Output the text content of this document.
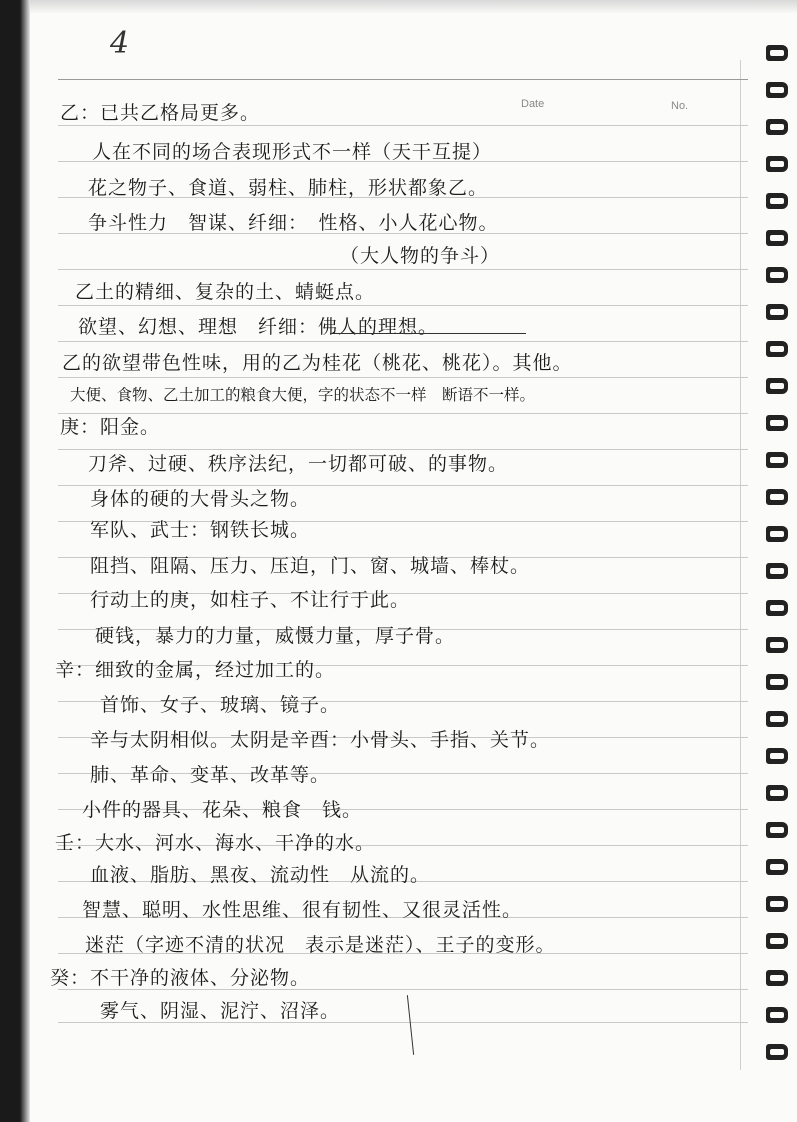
4
Date	No.
乙：已共乙格局更多。
人在不同的场合表现形式不一样（天干互提）
花之物子、食道、弱柱、肺柱，形状都象乙。
争斗性力　智谋、纤细：　性格、小人花心物。
（大人物的争斗）
乙土的精细、复杂的土、蜻蜓点。
欲望、幻想、理想　纤细：佛人的理想。
乙的欲望带色性味，用的乙为桂花（桃花、桃花）。其他。
大便、食物、乙土加工的粮食大便，字的状态不一样　断语不一样。
庚：阳金。
刀斧、过硬、秩序法纪，一切都可破、的事物。
身体的硬的大骨头之物。
军队、武士：钢铁长城。
阻挡、阻隔、压力、压迫，门、窗、城墙、棒杖。
行动上的庚，如柱子、不让行于此。
硬钱，暴力的力量，威慑力量，厚子骨。
辛：细致的金属，经过加工的。
首饰、女子、玻璃、镜子。
辛与太阴相似。太阴是辛酉：小骨头、手指、关节。
肺、革命、变革、改革等。
小件的器具、花朵、粮食　钱。
壬：大水、河水、海水、干净的水。
血液、脂肪、黑夜、流动性　从流的。
智慧、聪明、水性思维、很有韧性、又很灵活性。
迷茫（字迹不清的状况　表示是迷茫）、王子的变形。
癸：不干净的液体、分泌物。
雾气、阴湿、泥泞、沼泽。
